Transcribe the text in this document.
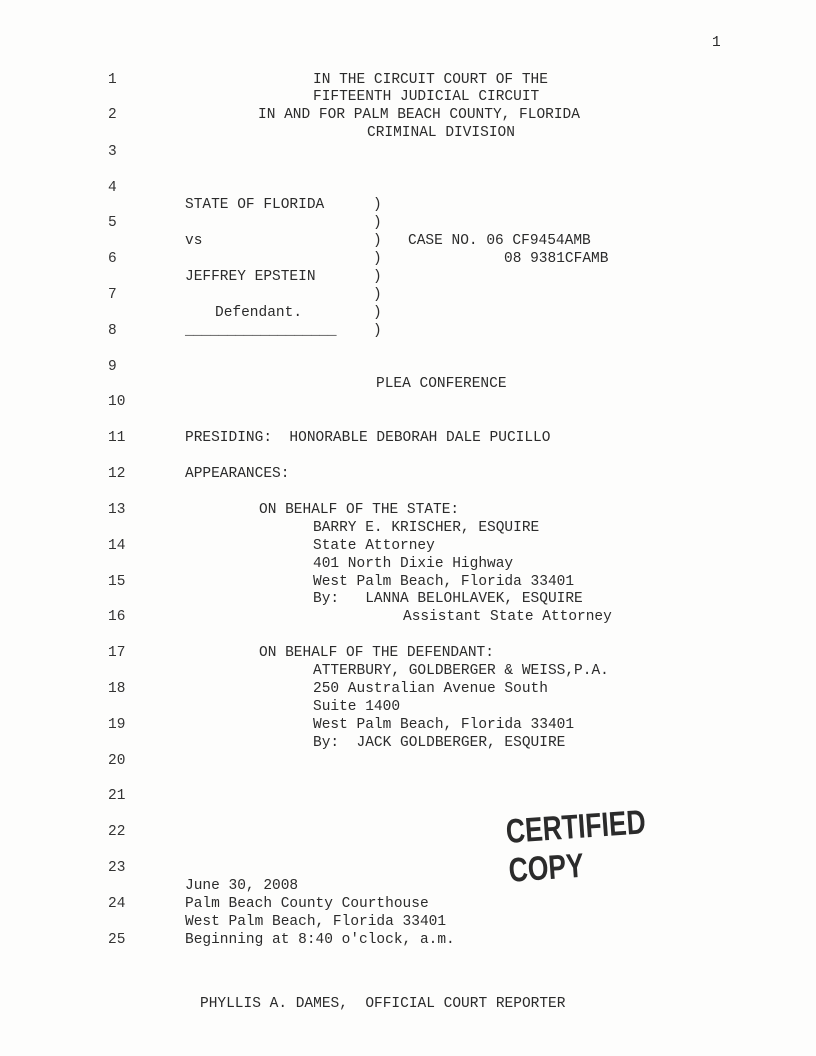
1
1
2
3
4
5
6
7
8
9
10
11
12
13
14
15
16
17
18
19
20
21
22
23
24
25
IN THE CIRCUIT COURT OF THE
FIFTEENTH JUDICIAL CIRCUIT
IN AND FOR PALM BEACH COUNTY, FLORIDA
CRIMINAL DIVISION
STATE OF FLORIDA
vs
JEFFREY EPSTEIN
Defendant.
__________________
)
)
)
)
)
)
)
)
CASE NO. 06 CF9454AMB
08 9381CFAMB
PLEA CONFERENCE
PRESIDING:  HONORABLE DEBORAH DALE PUCILLO
APPEARANCES:
ON BEHALF OF THE STATE:
BARRY E. KRISCHER, ESQUIRE
State Attorney
401 North Dixie Highway
West Palm Beach, Florida 33401
By:   LANNA BELOHLAVEK, ESQUIRE
Assistant State Attorney
ON BEHALF OF THE DEFENDANT:
ATTERBURY, GOLDBERGER & WEISS,P.A.
250 Australian Avenue South
Suite 1400
West Palm Beach, Florida 33401
By:  JACK GOLDBERGER, ESQUIRE

CERTIFIED
COPY

June 30, 2008
Palm Beach County Courthouse
West Palm Beach, Florida 33401
Beginning at 8:40 o'clock, a.m.
PHYLLIS A. DAMES,  OFFICIAL COURT REPORTER
